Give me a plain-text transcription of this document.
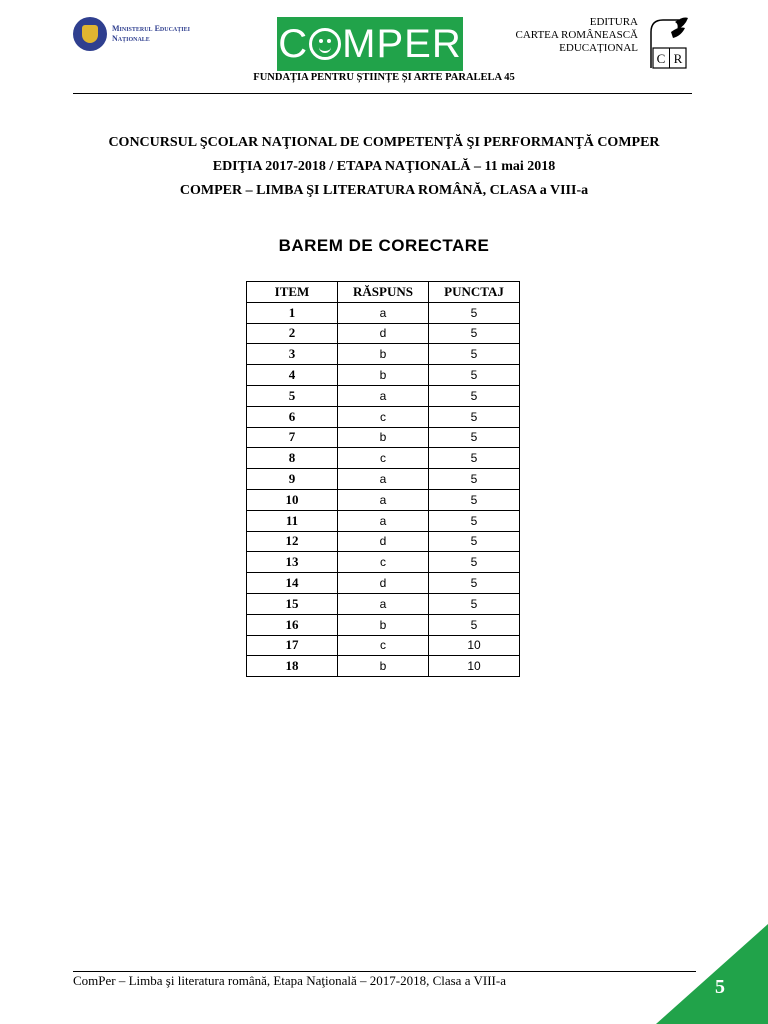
Ministerul Educației
Naționale	C MPER	EDITURA
CARTEA ROMÂNEASCĂ
EDUCAȚIONAL
C R
FUNDAȚIA PENTRU ȘTIINȚE ȘI ARTE PARALELA 45
CONCURSUL ŞCOLAR NAŢIONAL DE COMPETENŢĂ ŞI PERFORMANŢĂ COMPER
EDIŢIA 2017-2018 / ETAPA NAŢIONALĂ – 11 mai 2018
COMPER – LIMBA ŞI LITERATURA ROMÂNĂ, CLASA a VIII-a
BAREM DE CORECTARE
ITEM	RĂSPUNS	PUNCTAJ
1	a	5
2	d	5
3	b	5
4	b	5
5	a	5
6	c	5
7	b	5
8	c	5
9	a	5
10	a	5
11	a	5
12	d	5
13	c	5
14	d	5
15	a	5
16	b	5
17	c	10
18	b	10
ComPer – Limba şi literatura română, Etapa Naţională – 2017-2018, Clasa a VIII-a	5
